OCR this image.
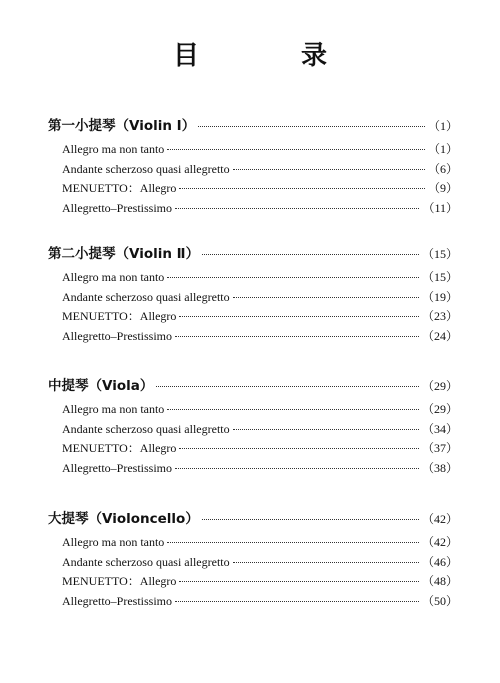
目　录
第一小提琴（Violin Ⅰ）	（1）
Allegro ma non tanto	（1）
Andante scherzoso quasi allegretto	（6）
MENUETTO：Allegro	（9）
Allegretto–Prestissimo	（11）
第二小提琴（Violin Ⅱ）	（15）
Allegro ma non tanto	（15）
Andante scherzoso quasi allegretto	（19）
MENUETTO：Allegro	（23）
Allegretto–Prestissimo	（24）
中提琴（Viola）	（29）
Allegro ma non tanto	（29）
Andante scherzoso quasi allegretto	（34）
MENUETTO：Allegro	（37）
Allegretto–Prestissimo	（38）
大提琴（Violoncello）	（42）
Allegro ma non tanto	（42）
Andante scherzoso quasi allegretto	（46）
MENUETTO：Allegro	（48）
Allegretto–Prestissimo	（50）
